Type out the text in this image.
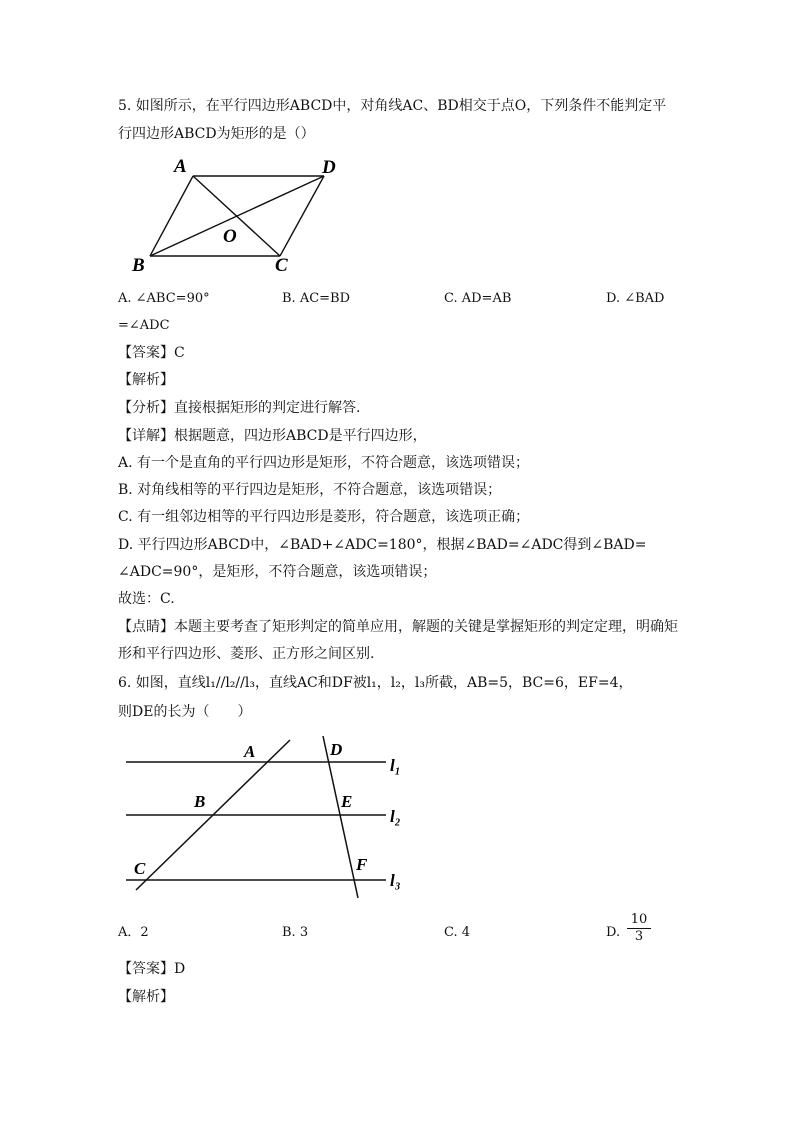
5. 如图所示，在平行四边形ABCD中，对角线AC、BD相交于点O，下列条件不能判定平
行四边形ABCD为矩形的是（）
A	D
O
B	C
A. ∠ABC=90°	B. AC=BD	C. AD=AB	D. ∠BAD
=∠ADC
【答案】C
【解析】
【分析】直接根据矩形的判定进行解答.
【详解】根据题意，四边形ABCD是平行四边形，
A. 有一个是直角的平行四边形是矩形，不符合题意，该选项错误；
B. 对角线相等的平行四边是矩形，不符合题意，该选项错误；
C. 有一组邻边相等的平行四边形是菱形，符合题意，该选项正确；
D. 平行四边形ABCD中，∠BAD+∠ADC=180°，根据∠BAD=∠ADC得到∠BAD=
∠ADC=90°，是矩形，不符合题意，该选项错误；
故选：C.
【点睛】本题主要考查了矩形判定的简单应用，解题的关键是掌握矩形的判定定理，明确矩
形和平行四边形、菱形、正方形之间区别.
6. 如图，直线l₁//l₂//l₃，直线AC和DF被l₁，l₂，l₃所截，AB=5，BC=6，EF=4，
则DE的长为（　　）
A	D
l₁
B	E
l₂
C	F
l₃
A．2	B. 3	C. 4	D. $\frac{10}{3}$
【答案】D
【解析】
